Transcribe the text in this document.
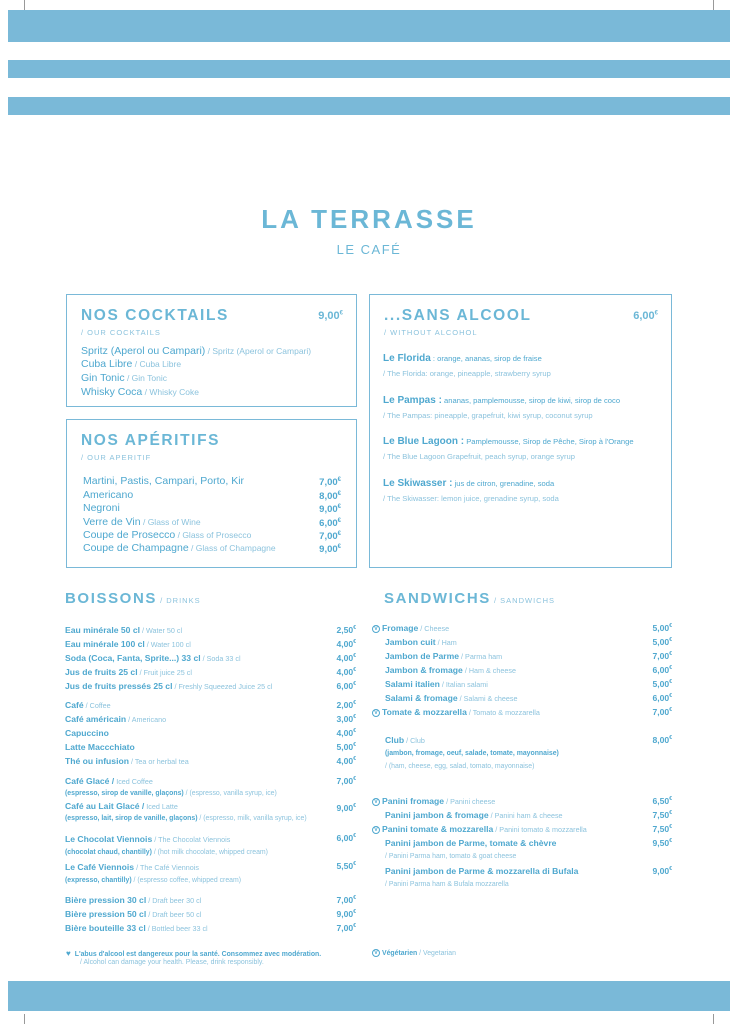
LA TERRASSE
LE CAFÉ
NOS COCKTAILS	9,00€
/ OUR COCKTAILS
Spritz (Aperol ou Campari) / Spritz (Aperol or Campari)
Cuba Libre / Cuba Libre
Gin Tonic / Gin Tonic
Whisky Coca / Whisky Coke
NOS APÉRITIFS
/ OUR APERITIF
Martini, Pastis, Campari, Porto, Kir	7,00€
Americano	8,00€
Negroni	9,00€
Verre de Vin / Glass of Wine	6,00€
Coupe de Prosecco / Glass of Prosecco	7,00€
Coupe de Champagne / Glass of Champagne	9,00€
...SANS ALCOOL	6,00€
/ WITHOUT ALCOHOL
Le Florida : orange, ananas, sirop de fraise
/ The Florida: orange, pineapple, strawberry syrup
Le Pampas : ananas, pamplemousse, sirop de kiwi, sirop de coco
/ The Pampas: pineapple, grapefruit, kiwi syrup, coconut syrup
Le Blue Lagoon : Pamplemousse, Sirop de Pêche, Sirop à l'Orange
/ The Blue Lagoon Grapefruit, peach syrup, orange syrup
Le Skiwasser : jus de citron, grenadine, soda
/ The Skiwasser: lemon juice, grenadine syrup, soda
BOISSONS / DRINKS
Eau minérale 50 cl / Water 50 cl	2,50€
Eau minérale 100 cl / Water 100 cl	4,00€
Soda (Coca, Fanta, Sprite...) 33 cl / Soda 33 cl	4,00€
Jus de fruits 25 cl / Fruit juice 25 cl	4,00€
Jus de fruits pressés 25 cl / Freshly Squeezed Juice 25 cl	6,00€
Café / Coffee	2,00€
Café américain / Americano	3,00€
Capuccino	4,00€
Latte Maccchiato	5,00€
Thé ou infusion / Tea or herbal tea	4,00€
Café Glacé / Iced Coffee	7,00€
(espresso, sirop de vanille, glaçons) / (espresso, vanilla syrup, ice)
Café au Lait Glacé / Iced Latte	9,00€
(espresso, lait, sirop de vanille, glaçons) / (espresso, milk, vanilla syrup, ice)
Le Chocolat Viennois / The Chocolat Viennois	6,00€
(chocolat chaud, chantilly) / (hot milk chocolate, whipped cream)
Le Café Viennois / The Café Viennois	5,50€
(expresso, chantilly) / (espresso coffee, whipped cream)
Bière pression 30 cl / Draft beer 30 cl	7,00€
Bière pression 50 cl / Draft beer 50 cl	9,00€
Bière bouteille 33 cl / Bottled beer 33 cl	7,00€
SANDWICHS / SANDWICHS
V Fromage / Cheese	5,00€
Jambon cuit / Ham	5,00€
Jambon de Parme / Parma ham	7,00€
Jambon & fromage / Ham & cheese	6,00€
Salami italien / Italian salami	5,00€
Salami & fromage / Salami & cheese	6,00€
V Tomate & mozzarella / Tomato & mozzarella	7,00€
Club / Club	8,00€
(jambon, fromage, oeuf, salade, tomate, mayonnaise)
/ (ham, cheese, egg, salad, tomato, mayonnaise)
V Panini fromage / Panini cheese	6,50€
Panini jambon & fromage / Panini ham & cheese	7,50€
V Panini tomate & mozzarella / Panini tomato & mozzarella	7,50€
Panini jambon de Parme, tomate & chèvre	9,50€
/ Panini Parma ham, tomato & goat cheese
Panini jambon de Parme & mozzarella di Bufala	9,00€
/ Panini Parma ham & Bufala mozzarella
♥ L'abus d'alcool est dangereux pour la santé. Consommez avec modération.
/ Alcohol can damage your health. Please, drink responsibly.
V Végétarien / Vegetarian
